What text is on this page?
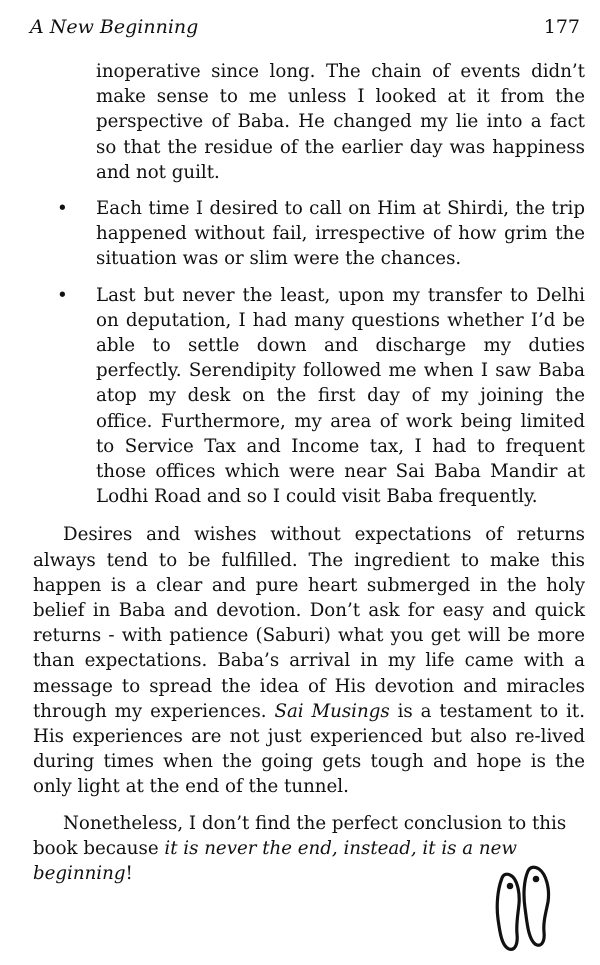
A New Beginning	177

inoperative since long. The chain of events didn’t make sense to me unless I looked at it from the perspective of Baba. He changed my lie into a fact so that the residue of the earlier day was happiness and not guilt.

• Each time I desired to call on Him at Shirdi, the trip happened without fail, irrespective of how grim the situation was or slim were the chances.
• Last but never the least, upon my transfer to Delhi on deputation, I had many questions whether I’d be able to settle down and discharge my duties perfectly. Serendipity followed me when I saw Baba atop my desk on the first day of my joining the office. Furthermore, my area of work being limited to Service Tax and Income tax, I had to frequent those offices which were near Sai Baba Mandir at Lodhi Road and so I could visit Baba frequently.

Desires and wishes without expectations of returns always tend to be fulfilled. The ingredient to make this happen is a clear and pure heart submerged in the holy belief in Baba and devotion. Don’t ask for easy and quick returns - with patience (Saburi) what you get will be more than expectations. Baba’s arrival in my life came with a message to spread the idea of His devotion and miracles through my experiences. Sai Musings is a testament to it. His experiences are not just experienced but also re-lived during times when the going gets tough and hope is the only light at the end of the tunnel.

Nonetheless, I don’t find the perfect conclusion to this book because it is never the end, instead, it is a new beginning!
